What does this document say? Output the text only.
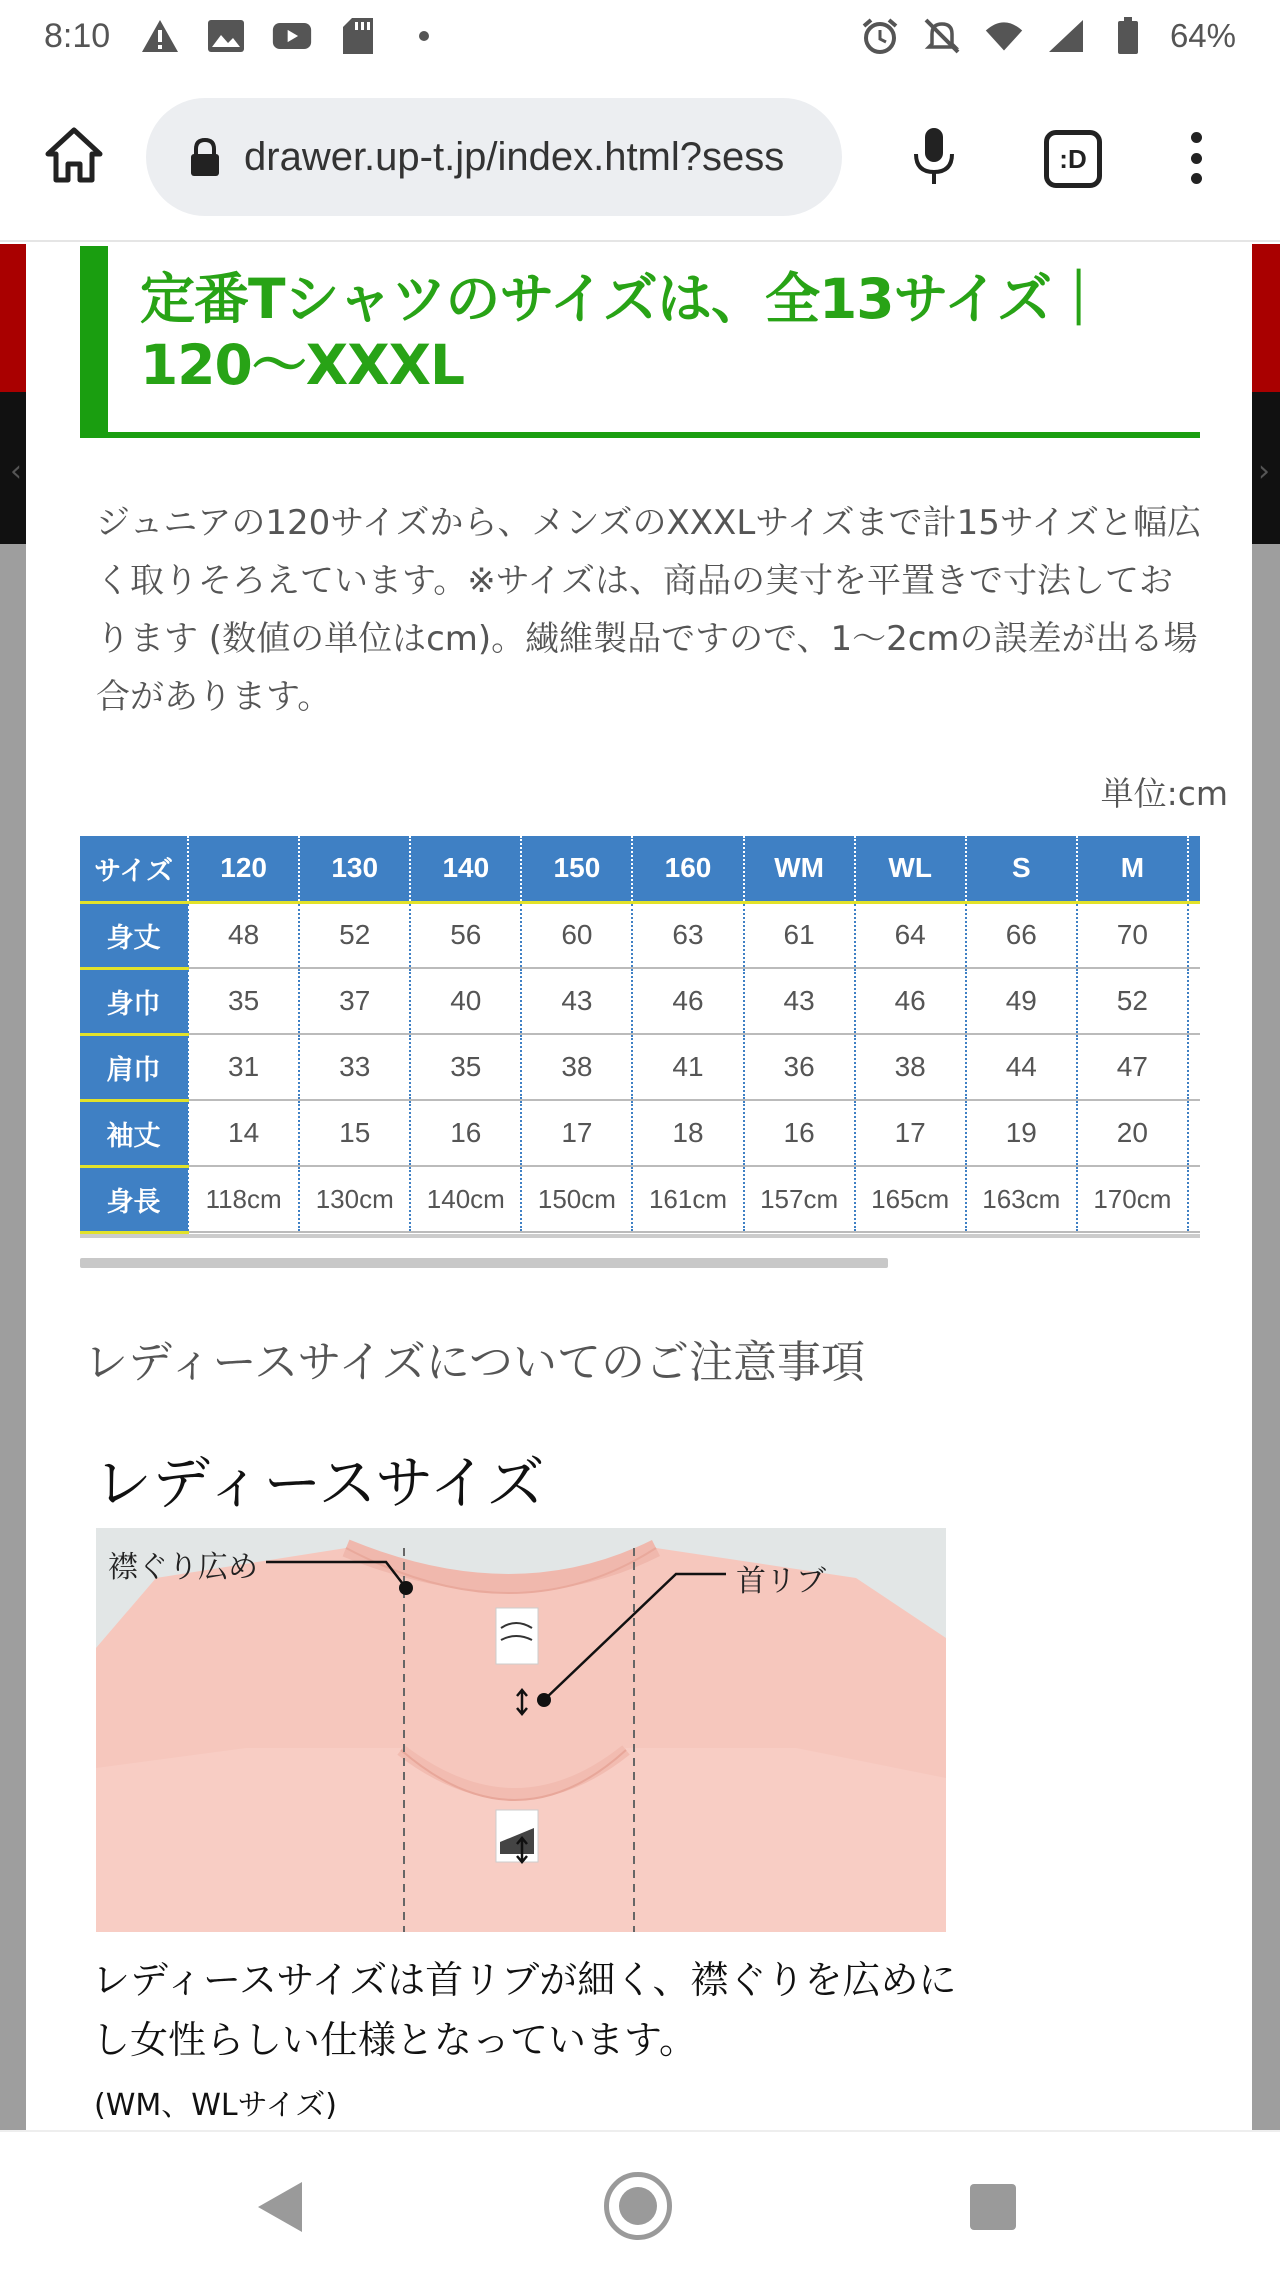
8:10	64%
drawer.up-t.jp/index.html?sess	:D
‹	›
定番Tシャツのサイズは、全13サイズ｜120〜XXXL

ジュニアの120サイズから、メンズのXXXLサイズまで計15サイズと幅広く取りそろえています。※サイズは、商品の実寸を平置きで寸法しております (数値の単位はcm)。繊維製品ですので、1〜2cmの誤差が出る場合があります。

単位:cm
サイズ	120	130	140	150	160	WM	WL	S	M	
身丈	48	52	56	60	63	61	64	66	70	
身巾	35	37	40	43	46	43	46	49	52	
肩巾	31	33	35	38	41	36	38	44	47	
袖丈	14	15	16	17	18	16	17	19	20	
身長	118cm	130cm	140cm	150cm	161cm	157cm	165cm	163cm	170cm	

レディースサイズについてのご注意事項

レディースサイズ
襟ぐり広め	首リブ

レディースサイズは首リブが細く、襟ぐりを広めにし女性らしい仕様となっています。

(WM、WLサイズ)
